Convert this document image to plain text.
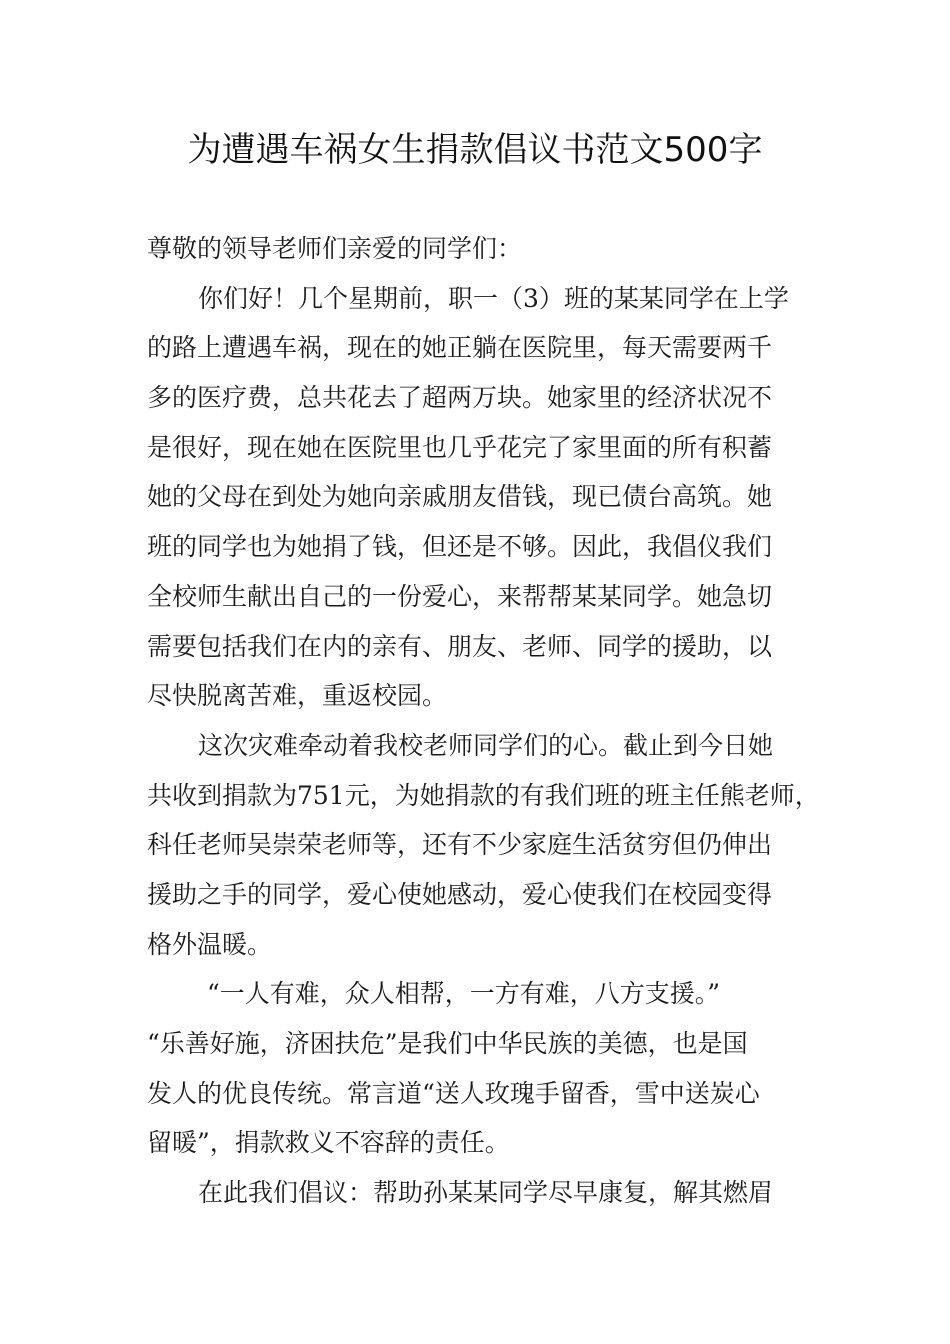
为遭遇车祸女生捐款倡议书范文500字
尊敬的领导老师们亲爱的同学们：
你们好！几个星期前，职一（3）班的某某同学在上学
的路上遭遇车祸，现在的她正躺在医院里，每天需要两千
多的医疗费，总共花去了超两万块。她家里的经济状况不
是很好，现在她在医院里也几乎花完了家里面的所有积蓄
她的父母在到处为她向亲戚朋友借钱，现已债台高筑。她
班的同学也为她捐了钱，但还是不够。因此，我倡仪我们
全校师生献出自己的一份爱心，来帮帮某某同学。她急切
需要包括我们在内的亲有、朋友、老师、同学的援助，以
尽快脱离苦难，重返校园。
这次灾难牵动着我校老师同学们的心。截止到今日她
共收到捐款为751元，为她捐款的有我们班的班主任熊老师，
科任老师吴崇荣老师等，还有不少家庭生活贫穷但仍伸出
援助之手的同学，爱心使她感动，爱心使我们在校园变得
格外温暖。
“一人有难，众人相帮，一方有难，八方支援。”
“乐善好施，济困扶危”是我们中华民族的美德，也是国
发人的优良传统。常言道“送人玫瑰手留香，雪中送炭心
留暖”，捐款救义不容辞的责任。
在此我们倡议：帮助孙某某同学尽早康复，解其燃眉
